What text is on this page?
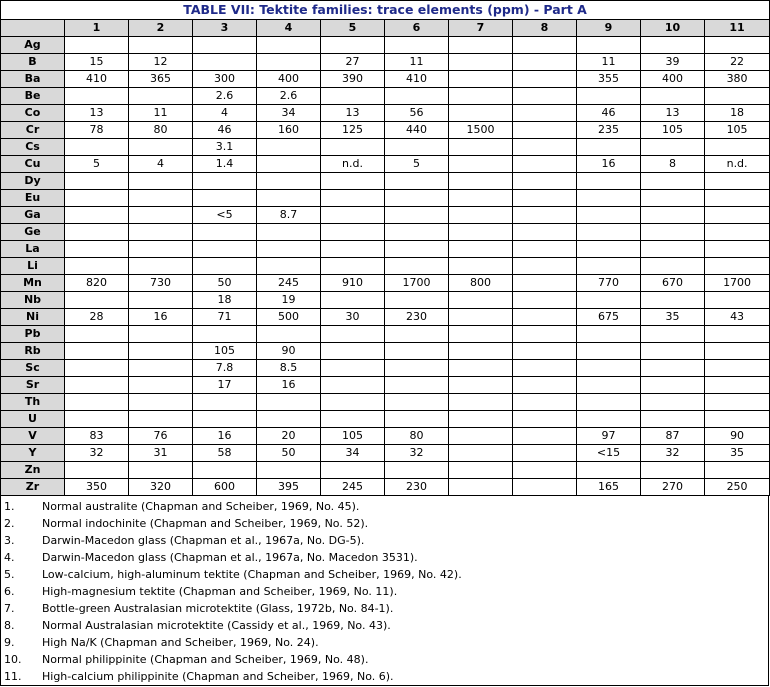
TABLE VII: Tektite families: trace elements (ppm) - Part A											
	1	2	3	4	5	6	7	8	9	10	11
Ag											
B	15	12			27	11			11	39	22
Ba	410	365	300	400	390	410			355	400	380
Be			2.6	2.6							
Co	13	11	4	34	13	56			46	13	18
Cr	78	80	46	160	125	440	1500		235	105	105
Cs			3.1								
Cu	5	4	1.4		n.d.	5			16	8	n.d.
Dy											
Eu											
Ga			<5	8.7							
Ge											
La											
Li											
Mn	820	730	50	245	910	1700	800		770	670	1700
Nb			18	19							
Ni	28	16	71	500	30	230			675	35	43
Pb											
Rb			105	90							
Sc			7.8	8.5							
Sr			17	16							
Th											
U											
V	83	76	16	20	105	80			97	87	90
Y	32	31	58	50	34	32			<15	32	35
Zn											
Zr	350	320	600	395	245	230			165	270	250
1.	Normal australite (Chapman and Scheiber, 1969, No. 45).
2.	Normal indochinite (Chapman and Scheiber, 1969, No. 52).
3.	Darwin-Macedon glass (Chapman et al., 1967a, No. DG-5).
4.	Darwin-Macedon glass (Chapman et al., 1967a, No. Macedon 3531).
5.	Low-calcium, high-aluminum tektite (Chapman and Scheiber, 1969, No. 42).
6.	High-magnesium tektite (Chapman and Scheiber, 1969, No. 11).
7.	Bottle-green Australasian microtektite (Glass, 1972b, No. 84-1).
8.	Normal Australasian microtektite (Cassidy et al., 1969, No. 43).
9.	High Na/K (Chapman and Scheiber, 1969, No. 24).
10.	Normal philippinite (Chapman and Scheiber, 1969, No. 48).
11.	High-calcium philippinite (Chapman and Scheiber, 1969, No. 6).
